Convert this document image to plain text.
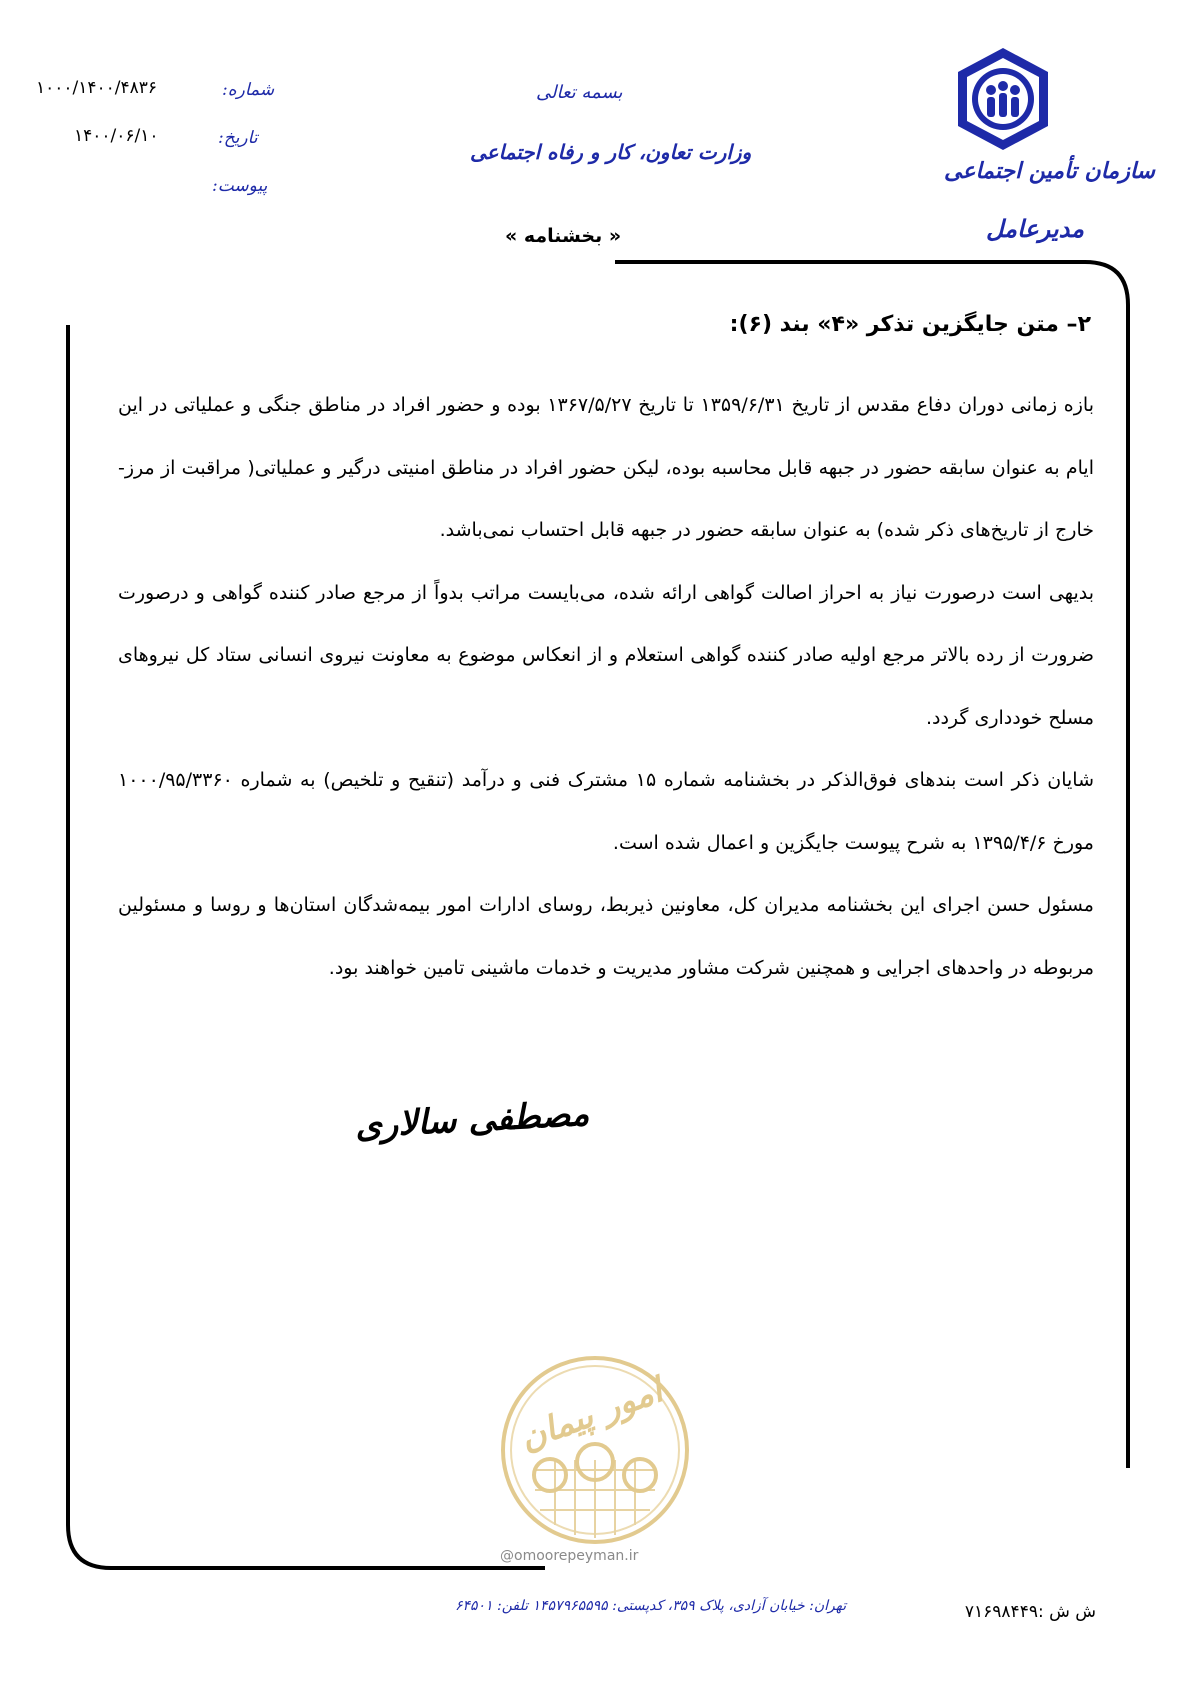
سازمان تأمین اجتماعی
مدیرعامل
بسمه تعالی
وزارت تعاون، کار و رفاه اجتماعی
« بخشنامه »
شماره:
۱۰۰۰/۱۴۰۰/۴۸۳۶
تاریخ:
۱۴۰۰/۰۶/۱۰
پیوست:
۲– متن جایگزین تذکر «۴» بند (۶):

بازه زمانی دوران دفاع مقدس از تاریخ ۱۳۵۹/۶/۳۱ تا تاریخ ۱۳۶۷/۵/۲۷ بوده و حضور افراد در مناطق جنگی و عملیاتی در این ایام به عنوان سابقه حضور در جبهه قابل محاسبه بوده، لیکن حضور افراد در مناطق امنیتی درگیر و عملیاتی( مراقبت از مرز- خارج از تاریخ‌های ذکر شده) به عنوان سابقه حضور در جبهه قابل احتساب نمی‌باشد.

بدیهی است درصورت نیاز به احراز اصالت گواهی ارائه شده، می‌بایست مراتب بدواً از مرجع صادر کننده گواهی و درصورت ضرورت از رده بالاتر مرجع اولیه صادر کننده گواهی استعلام و از انعکاس موضوع به معاونت نیروی انسانی ستاد کل نیروهای مسلح خودداری گردد.

شایان ذکر است بندهای فوق‌الذکر در بخشنامه شماره ۱۵ مشترک فنی و درآمد (تنقیح و تلخیص) به شماره ۱۰۰۰/۹۵/۳۳۶۰ مورخ ۱۳۹۵/۴/۶ به شرح پیوست جایگزین و اعمال شده است.

مسئول حسن اجرای این بخشنامه مدیران کل، معاونین ذیربط، روسای ادارات امور بیمه‌شدگان استان‌ها و روسا و مسئولین مربوطه در واحدهای اجرایی و همچنین شرکت مشاور مدیریت و خدمات ماشینی تامین خواهند بود.

مصطفی سالاری
امور پیمان
@omoorepeyman.ir
تهران: خیابان آزادی، پلاک ۳۵۹، کدپستی: ۱۴۵۷۹۶۵۵۹۵ تلفن: ۶۴۵۰۱	ش ش :۷۱۶۹۸۴۴۹
